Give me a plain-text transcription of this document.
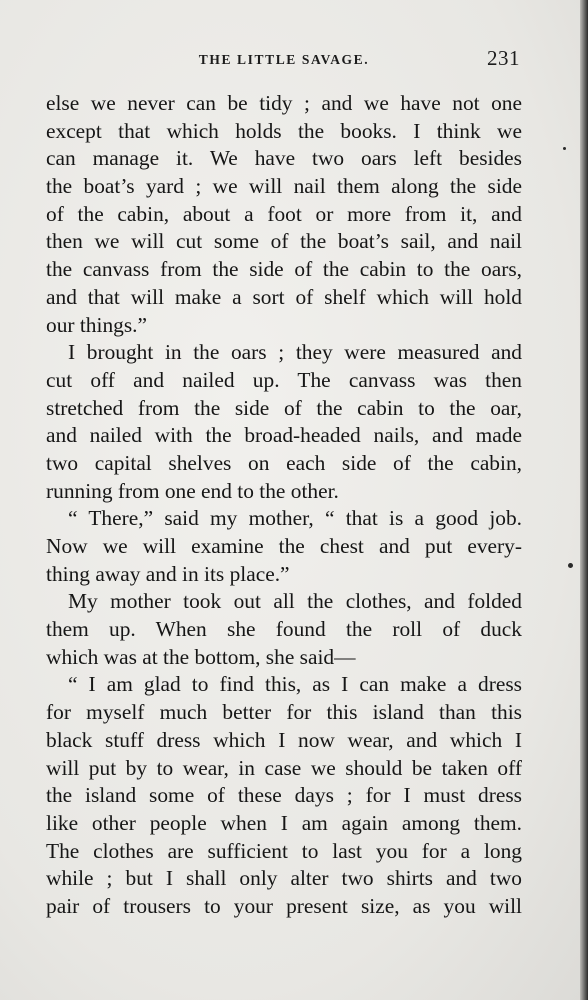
THE LITTLE SAVAGE.	231
else we never can be tidy ; and we have not one
except that which holds the books. I think we
can manage it. We have two oars left besides
the boat’s yard ; we will nail them along the side
of the cabin, about a foot or more from it, and
then we will cut some of the boat’s sail, and nail
the canvass from the side of the cabin to the oars,
and that will make a sort of shelf which will hold
our things.”
I brought in the oars ; they were measured and
cut off and nailed up. The canvass was then
stretched from the side of the cabin to the oar,
and nailed with the broad-headed nails, and made
two capital shelves on each side of the cabin,
running from one end to the other.
“ There,” said my mother, “ that is a good job.
Now we will examine the chest and put every-
thing away and in its place.”
My mother took out all the clothes, and folded
them up. When she found the roll of duck
which was at the bottom, she said—
“ I am glad to find this, as I can make a dress
for myself much better for this island than this
black stuff dress which I now wear, and which I
will put by to wear, in case we should be taken off
the island some of these days ; for I must dress
like other people when I am again among them.
The clothes are sufficient to last you for a long
while ; but I shall only alter two shirts and two
pair of trousers to your present size, as you will
